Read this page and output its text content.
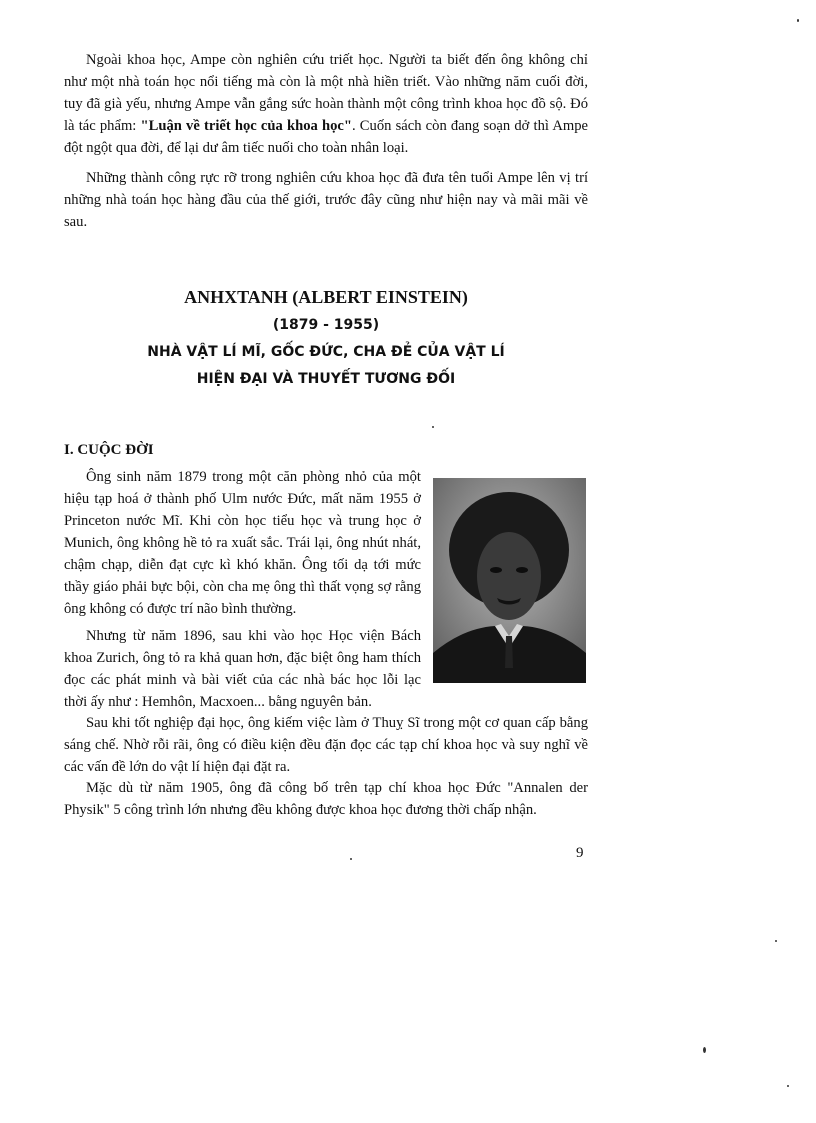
Ngoài khoa học, Ampe còn nghiên cứu triết học. Người ta biết đến ông không chỉ như một nhà toán học nổi tiếng mà còn là một nhà hiền triết. Vào những năm cuối đời, tuy đã già yếu, nhưng Ampe vẫn gắng sức hoàn thành một công trình khoa học đồ sộ. Đó là tác phẩm: "Luận về triết học của khoa học". Cuốn sách còn đang soạn dở thì Ampe đột ngột qua đời, để lại dư âm tiếc nuối cho toàn nhân loại.

Những thành công rực rỡ trong nghiên cứu khoa học đã đưa tên tuổi Ampe lên vị trí những nhà toán học hàng đầu của thế giới, trước đây cũng như hiện nay và mãi mãi về sau.

ANHXTANH (ALBERT EINSTEIN)
(1879 - 1955)
NHÀ VẬT LÍ MĨ, GỐC ĐỨC, CHA ĐẺ CỦA VẬT LÍ
HIỆN ĐẠI VÀ THUYẾT TƯƠNG ĐỐI
I. CUỘC ĐỜI

Ông sinh năm 1879 trong một căn phòng nhỏ của một hiệu tạp hoá ở thành phố Ulm nước Đức, mất năm 1955 ở Princeton nước Mĩ. Khi còn học tiểu học và trung học ở Munich, ông không hề tỏ ra xuất sắc. Trái lại, ông nhút nhát, chậm chạp, diễn đạt cực kì khó khăn. Ông tối dạ tới mức thầy giáo phải bực bội, còn cha mẹ ông thì thất vọng sợ rằng ông không có được trí não bình thường.

Nhưng từ năm 1896, sau khi vào học Học viện Bách khoa Zurich, ông tỏ ra khả quan hơn, đặc biệt ông ham thích đọc các phát minh và bài viết của các nhà bác học lỗi lạc thời ấy như : Hemhôn, Macxoen... bằng nguyên bản.

Sau khi tốt nghiệp đại học, ông kiếm việc làm ở Thuỵ Sĩ trong một cơ quan cấp bằng sáng chế. Nhờ rỗi rãi, ông có điều kiện đều đặn đọc các tạp chí khoa học và suy nghĩ về các vấn đề lớn do vật lí hiện đại đặt ra.

Mặc dù từ năm 1905, ông đã công bố trên tạp chí khoa học Đức "Annalen der Physik" 5 công trình lớn nhưng đều không được khoa học đương thời chấp nhận.

9
